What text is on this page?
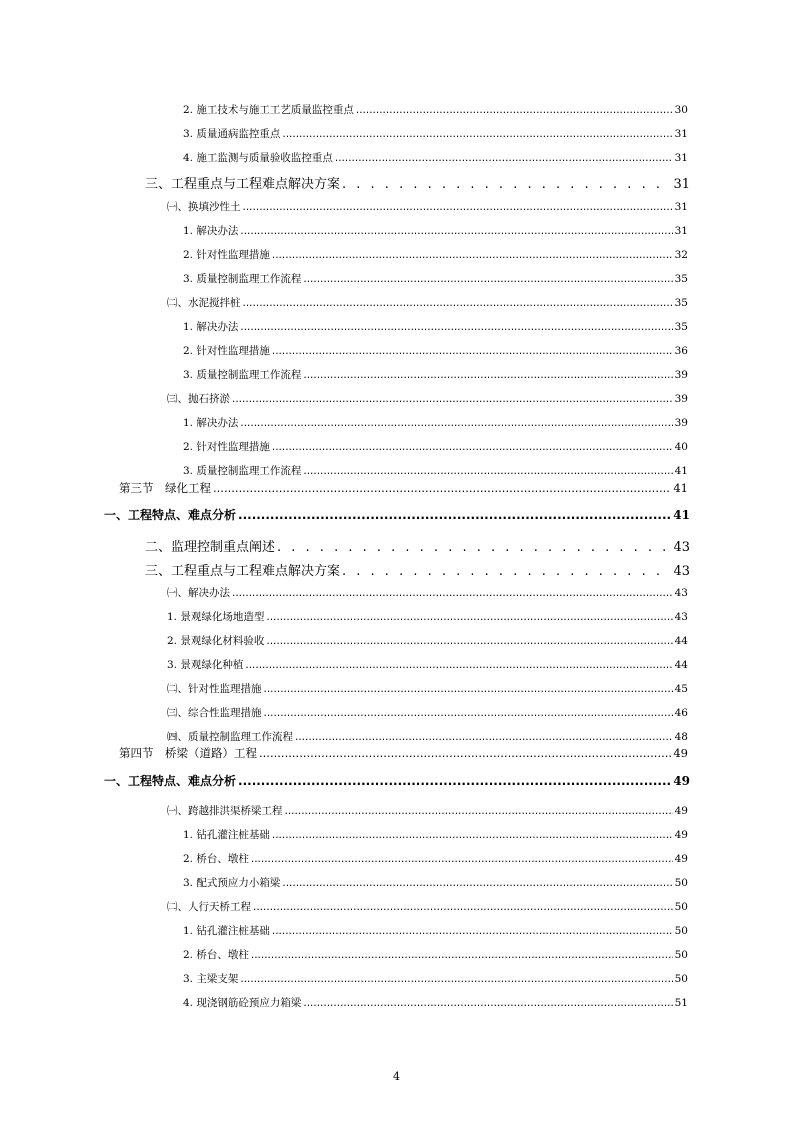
2. 施工技术与施工工艺质量监控重点 .....	30
3. 质量通病监控重点 .....	31
4. 施工监测与质量验收监控重点 .....	31
三、工程重点与工程难点解决方案 . . .	31
㈠、换填沙性土 .....	31
1. 解决办法 .....	31
2. 针对性监理措施 .....	32
3. 质量控制监理工作流程 .....	35
㈡、水泥搅拌桩 .....	35
1. 解决办法 .....	35
2. 针对性监理措施 .....	36
3. 质量控制监理工作流程 .....	39
㈢、抛石挤淤 .....	39
1. 解决办法 .....	39
2. 针对性监理措施 .....	40
3. 质量控制监理工作流程 .....	41
第三节　绿化工程 .....	41
一、工程特点、难点分析 .....	41
二、监理控制重点阐述 . . .	43
三、工程重点与工程难点解决方案 . . .	43
㈠、解决办法 .....	43
1. 景观绿化场地造型 .....	43
2. 景观绿化材料验收 .....	44
3. 景观绿化种植 .....	44
㈡、针对性监理措施 .....	45
㈢、综合性监理措施 .....	46
㈣、质量控制监理工作流程 .....	48
第四节　桥梁（道路）工程 .....	49
一、工程特点、难点分析 .....	49
㈠、跨越排洪渠桥梁工程 .....	49
1. 钻孔灌注桩基础 .....	49
2. 桥台、墩柱 .....	49
3. 配式预应力小箱梁 .....	50
㈡、人行天桥工程 .....	50
1. 钻孔灌注桩基础 .....	50
2. 桥台、墩柱 .....	50
3. 主梁支架 .....	50
4. 现浇钢筋砼预应力箱梁 .....	51
4
